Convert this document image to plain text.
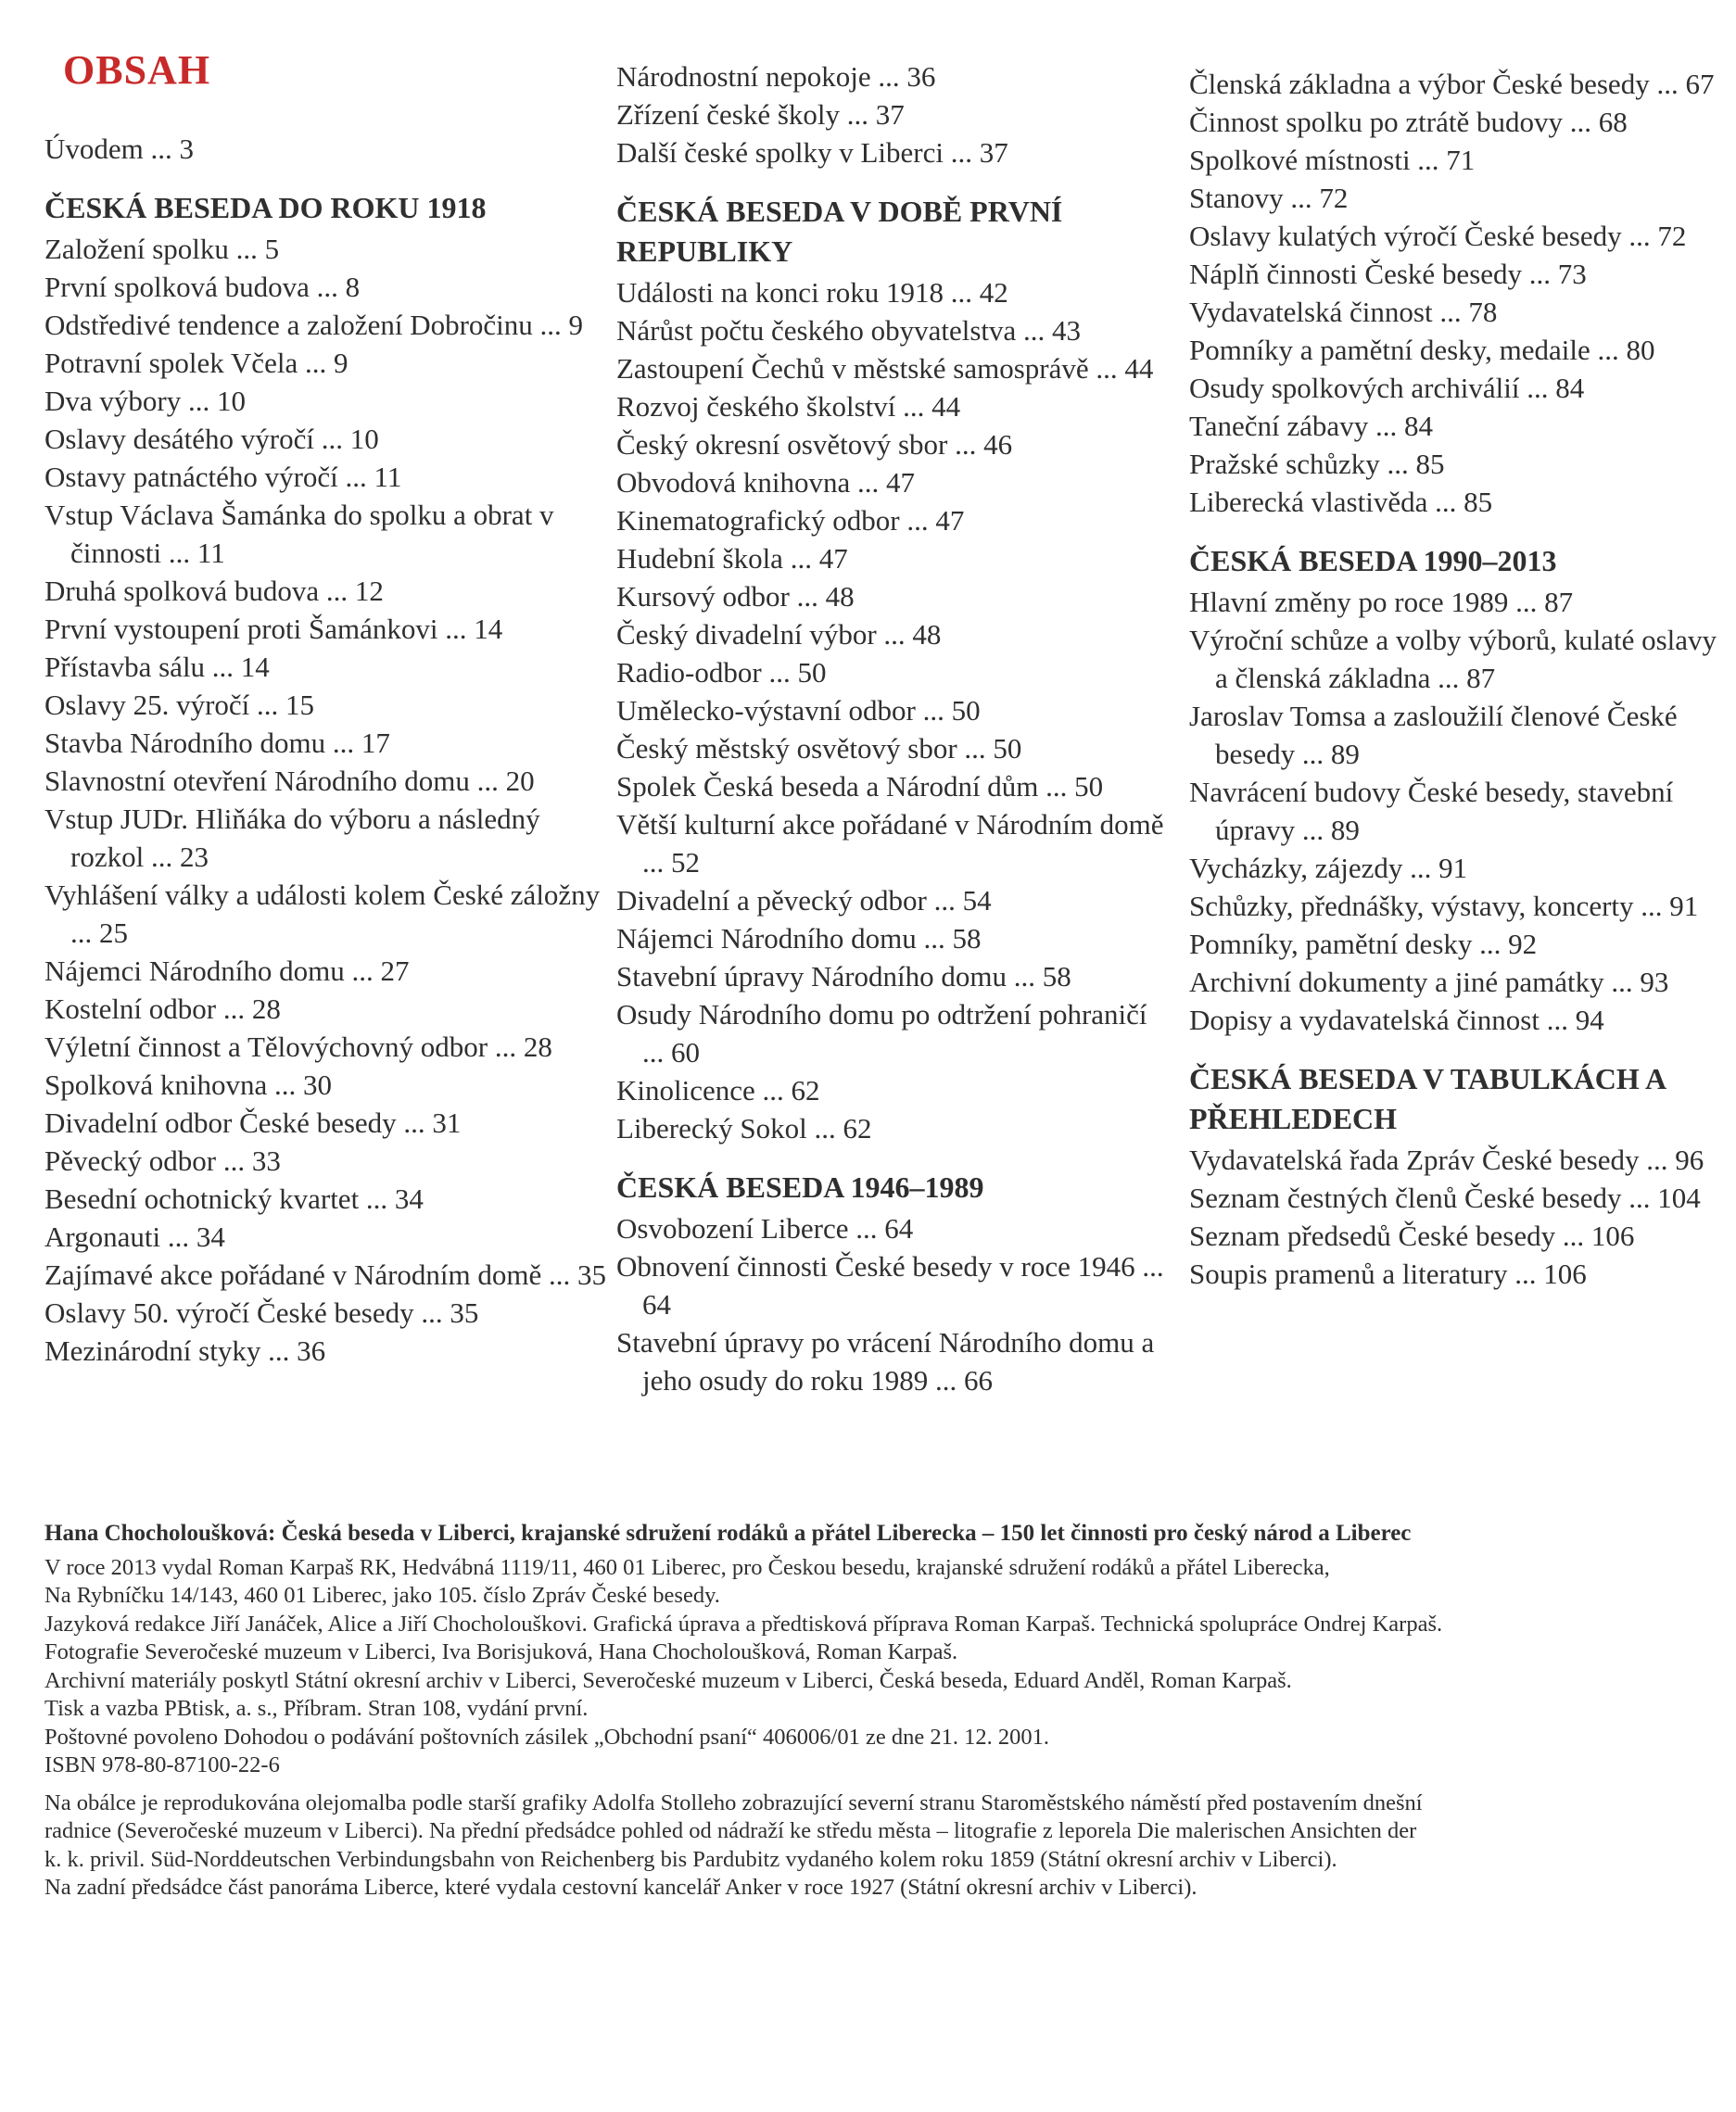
OBSAH
Úvodem ... 3
ČESKÁ BESEDA DO ROKU 1918
Založení spolku ... 5
První spolková budova ... 8
Odstředivé tendence a založení Dobročinu ... 9
Potravní spolek Včela ... 9
Dva výbory ... 10
Oslavy desátého výročí ... 10
Ostavy patnáctého výročí ... 11
Vstup Václava Šamánka do spolku a obrat v činnosti ... 11
Druhá spolková budova ... 12
První vystoupení proti Šamánkovi ... 14
Přístavba sálu ... 14
Oslavy 25. výročí ... 15
Stavba Národního domu ... 17
Slavnostní otevření Národního domu ... 20
Vstup JUDr. Hliňáka do výboru a následný rozkol ... 23
Vyhlášení války a události kolem České záložny ... 25
Nájemci Národního domu ... 27
Kostelní odbor ... 28
Výletní činnost a Tělovýchovný odbor ... 28
Spolková knihovna ... 30
Divadelní odbor České besedy ... 31
Pěvecký odbor ... 33
Besední ochotnický kvartet ... 34
Argonauti ... 34
Zajímavé akce pořádané v Národním domě ... 35
Oslavy 50. výročí České besedy ... 35
Mezinárodní styky ... 36
Národnostní nepokoje ... 36
Zřízení české školy ... 37
Další české spolky v Liberci ... 37
ČESKÁ BESEDA V DOBĚ PRVNÍ REPUBLIKY
Události na konci roku 1918 ... 42
Nárůst počtu českého obyvatelstva ... 43
Zastoupení Čechů v městské samosprávě ... 44
Rozvoj českého školství ... 44
Český okresní osvětový sbor ... 46
Obvodová knihovna ... 47
Kinematografický odbor ... 47
Hudební škola ... 47
Kursový odbor ... 48
Český divadelní výbor ... 48
Radio-odbor ... 50
Umělecko-výstavní odbor ... 50
Český městský osvětový sbor ... 50
Spolek Česká beseda a Národní dům ... 50
Větší kulturní akce pořádané v Národním domě ... 52
Divadelní a pěvecký odbor ... 54
Nájemci Národního domu ... 58
Stavební úpravy Národního domu ... 58
Osudy Národního domu po odtržení pohraničí ... 60
Kinolicence ... 62
Liberecký Sokol ... 62
ČESKÁ BESEDA 1946–1989
Osvobození Liberce ... 64
Obnovení činnosti České besedy v roce 1946 ... 64
Stavební úpravy po vrácení Národního domu a jeho osudy do roku 1989 ... 66
Členská základna a výbor České besedy ... 67
Činnost spolku po ztrátě budovy ... 68
Spolkové místnosti ... 71
Stanovy ... 72
Oslavy kulatých výročí České besedy ... 72
Náplň činnosti České besedy ... 73
Vydavatelská činnost ... 78
Pomníky a pamětní desky, medaile ... 80
Osudy spolkových archiválií ... 84
Taneční zábavy ... 84
Pražské schůzky ... 85
Liberecká vlastivěda ... 85
ČESKÁ BESEDA 1990–2013
Hlavní změny po roce 1989 ... 87
Výroční schůze a volby výborů, kulaté oslavy a členská základna ... 87
Jaroslav Tomsa a zasloužilí členové České besedy ... 89
Navrácení budovy České besedy, stavební úpravy ... 89
Vycházky, zájezdy ... 91
Schůzky, přednášky, výstavy, koncerty ... 91
Pomníky, pamětní desky ... 92
Archivní dokumenty a jiné památky ... 93
Dopisy a vydavatelská činnost ... 94
ČESKÁ BESEDA V TABULKÁCH A PŘEHLEDECH
Vydavatelská řada Zpráv České besedy ... 96
Seznam čestných členů České besedy ... 104
Seznam předsedů České besedy ... 106
Soupis pramenů a literatury ... 106
Hana Chocholoušková: Česká beseda v Liberci, krajanské sdružení rodáků a přátel Liberecka – 150 let činnosti pro český národ a Liberec
V roce 2013 vydal Roman Karpaš RK, Hedvábná 1119/11, 460 01 Liberec, pro Českou besedu, krajanské sdružení rodáků a přátel Liberecka,
Na Rybníčku 14/143, 460 01 Liberec, jako 105. číslo Zpráv České besedy.
Jazyková redakce Jiří Janáček, Alice a Jiří Chocholouškovi. Grafická úprava a předtisková příprava Roman Karpaš. Technická spolupráce Ondrej Karpaš.
Fotografie Severočeské muzeum v Liberci, Iva Borisjuková, Hana Chocholoušková, Roman Karpaš.
Archivní materiály poskytl Státní okresní archiv v Liberci, Severočeské muzeum v Liberci, Česká beseda, Eduard Anděl, Roman Karpaš.
Tisk a vazba PBtisk, a. s., Příbram. Stran 108, vydání první.
Poštovné povoleno Dohodou o podávání poštovních zásilek „Obchodní psaní“ 406006/01 ze dne 21. 12. 2001.
ISBN 978-80-87100-22-6
Na obálce je reprodukována olejomalba podle starší grafiky Adolfa Stolleho zobrazující severní stranu Staroměstského náměstí před postavením dnešní
radnice (Severočeské muzeum v Liberci). Na přední předsádce pohled od nádraží ke středu města – litografie z leporela Die malerischen Ansichten der
k. k. privil. Süd-Norddeutschen Verbindungsbahn von Reichenberg bis Pardubitz vydaného kolem roku 1859 (Státní okresní archiv v Liberci).
Na zadní předsádce část panoráma Liberce, které vydala cestovní kancelář Anker v roce 1927 (Státní okresní archiv v Liberci).
